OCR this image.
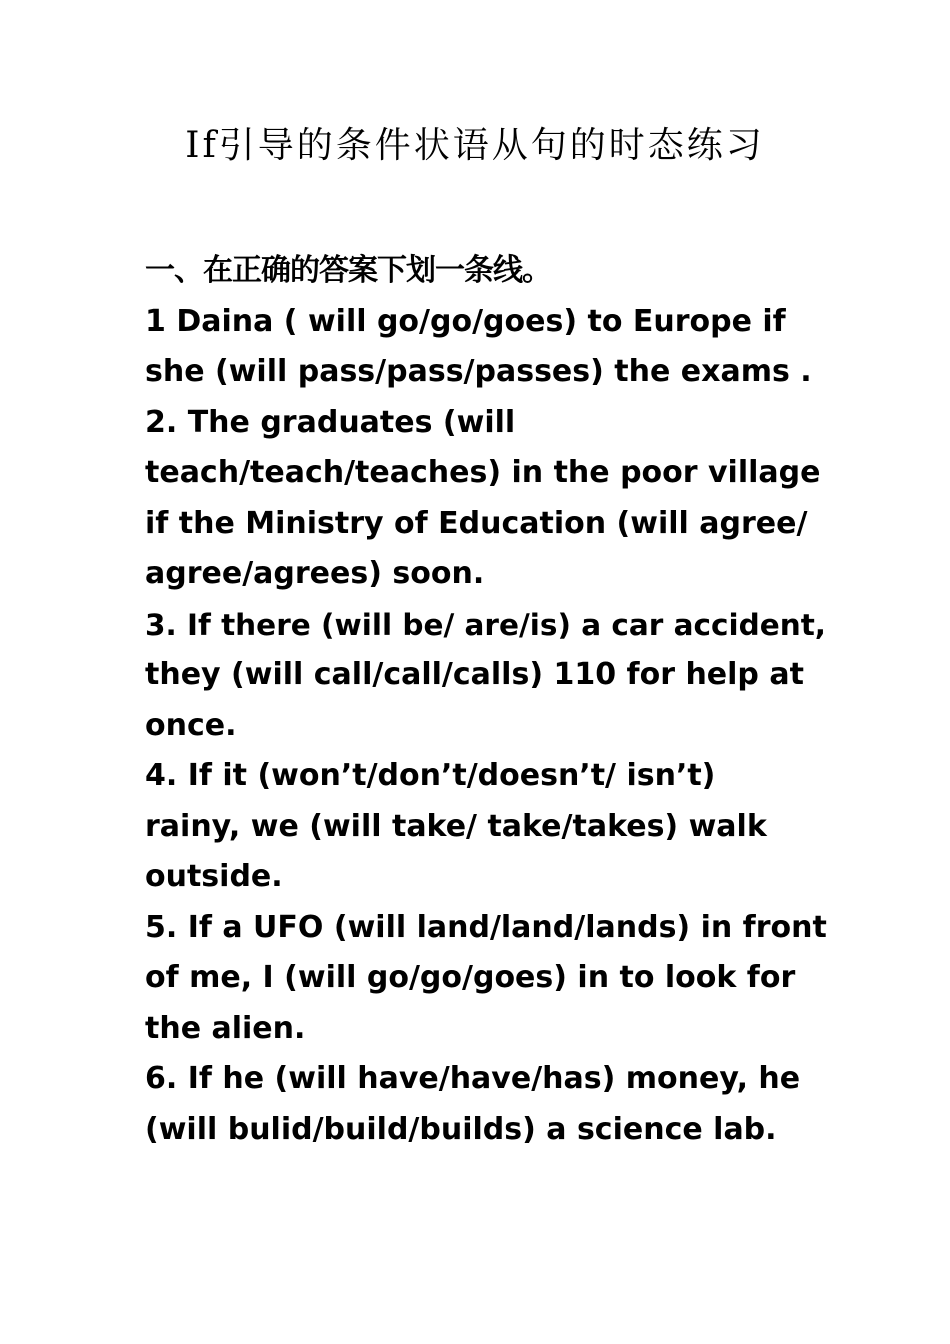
If引导的条件状语从句的时态练习
一、在正确的答案下划一条线。
1 Daina ( will go/go/goes) to Europe if
she (will pass/pass/passes) the exams .
2. The graduates (will
teach/teach/teaches) in the poor village
if the Ministry of Education (will agree/
agree/agrees) soon.
3. If there (will be/ are/is) a car accident,
they (will call/call/calls) 110 for help at
once.
4. If it (won’t/don’t/doesn’t/ isn’t)
rainy, we (will take/ take/takes) walk
outside.
5. If a UFO (will land/land/lands) in front
of me, I (will go/go/goes) in to look for
the alien.
6. If he (will have/have/has) money, he
(will bulid/build/builds) a science lab.
